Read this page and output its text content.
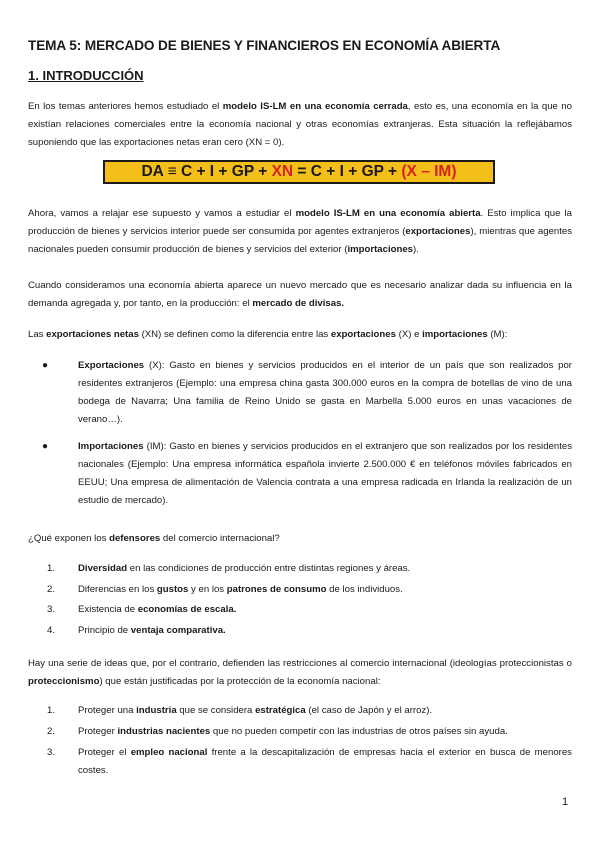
TEMA 5: MERCADO DE BIENES Y FINANCIEROS EN ECONOMÍA ABIERTA
1. INTRODUCCIÓN

En los temas anteriores hemos estudiado el modelo IS-LM en una economía cerrada, esto es, una economía en la que no existían relaciones comerciales entre la economía nacional y otras economías extranjeras. Esta situación la reflejábamos suponiendo que las exportaciones netas eran cero (XN = 0).

DA ≡ C + I + GP + XN = C + I + GP + (X – IM)

Ahora, vamos a relajar ese supuesto y vamos a estudiar el modelo IS-LM en una economía abierta. Esto implica que la producción de bienes y servicios interior puede ser consumida por agentes extranjeros (exportaciones), mientras que agentes nacionales pueden consumir producción de bienes y servicios del exterior (importaciones).

Cuando consideramos una economía abierta aparece un nuevo mercado que es necesario analizar dada su influencia en la demanda agregada y, por tanto, en la producción: el mercado de divisas.

Las exportaciones netas (XN) se definen como la diferencia entre las exportaciones (X) e importaciones (M):

●	Exportaciones (X): Gasto en bienes y servicios producidos en el interior de un país que son realizados por residentes extranjeros (Ejemplo: una empresa china gasta 300.000 euros en la compra de botellas de vino de una bodega de Navarra; Una familia de Reino Unido se gasta en Marbella 5.000 euros en unas vacaciones de verano…).

●	Importaciones (IM): Gasto en bienes y servicios producidos en el extranjero que son realizados por los residentes nacionales (Ejemplo: Una empresa informática española invierte 2.500.000 € en teléfonos móviles fabricados en EEUU; Una empresa de alimentación de Valencia contrata a una empresa radicada en Irlanda la realización de un estudio de mercado).

¿Qué exponen los defensores del comercio internacional?

1. Diversidad en las condiciones de producción entre distintas regiones y áreas.

2. Diferencias en los gustos y en los patrones de consumo de los individuos.

3. Existencia de economías de escala.

4. Principio de ventaja comparativa.

Hay una serie de ideas que, por el contrario, defienden las restricciones al comercio internacional (ideologías proteccionistas o proteccionismo) que están justificadas por la protección de la economía nacional:

1. Proteger una industria que se considera estratégica (el caso de Japón y el arroz).

2. Proteger industrias nacientes que no pueden competir con las industrias de otros países sin ayuda.

3. Proteger el empleo nacional frente a la descapitalización de empresas hacia el exterior en busca de menores costes.

1
